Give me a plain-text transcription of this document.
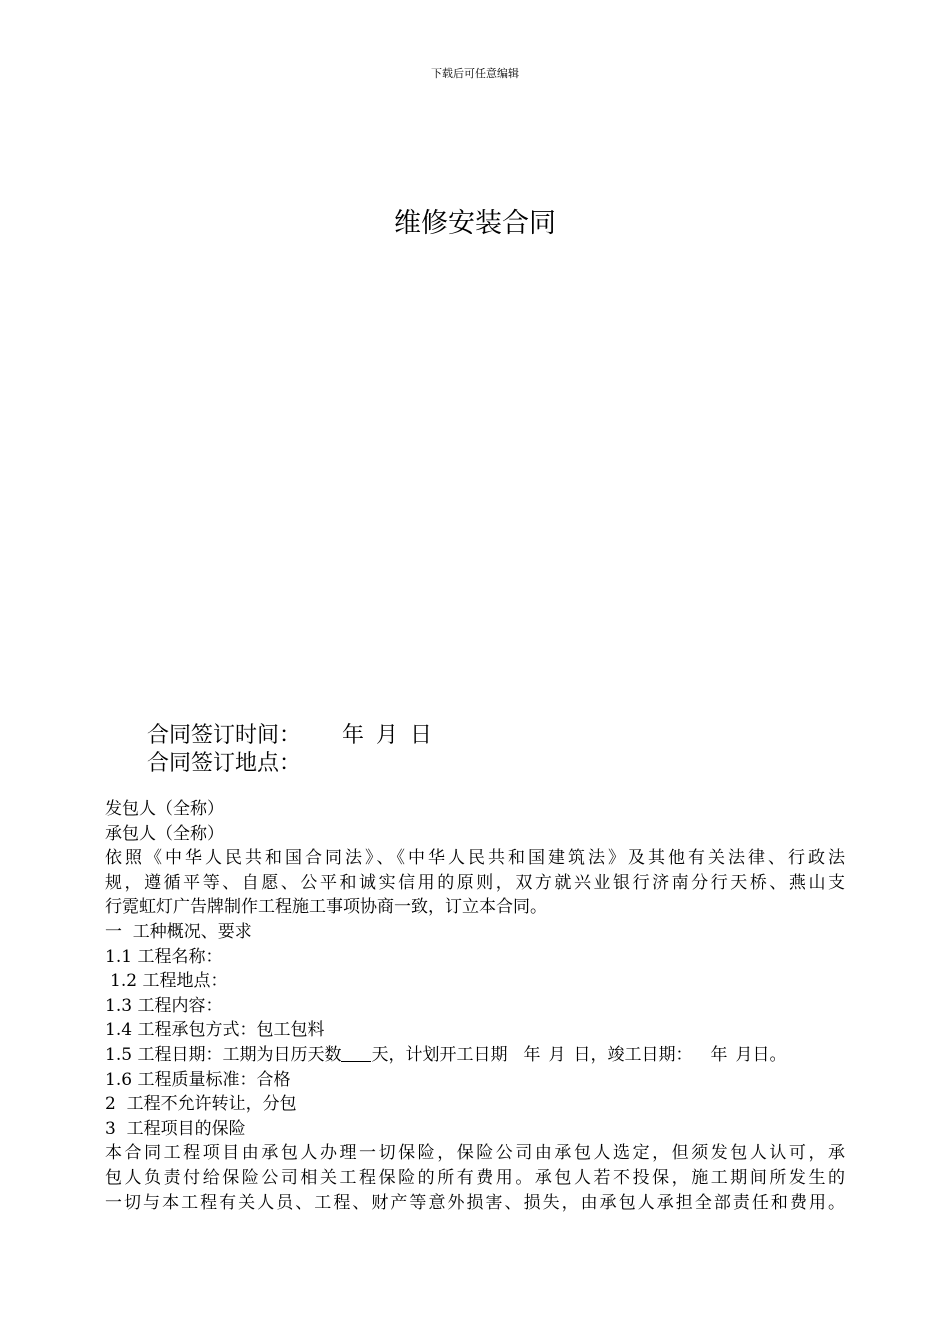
下载后可任意编辑
维修安装合同

合同签订时间： 年 月 日

合同签订地点：

发包人（全称）
承包人（全称）
依照《中华人民共和国合同法》、《中华人民共和国建筑法》及其他有关法律、行政法
规，遵循平等、自愿、公平和诚实信用的原则，双方就兴业银行济南分行天桥、燕山支
行霓虹灯广告牌制作工程施工事项协商一致，订立本合同。
一  工种概况、要求
1.1 工程名称：
1.2 工程地点：
1.3 工程内容：
1.4 工程承包方式：包工包料
1.5 工程日期：工期为日历天数 天，计划开工日期 年 月 日，竣工日期： 年 月日。
1.6 工程质量标准：合格
2  工程不允许转让，分包
3  工程项目的保险
本合同工程项目由承包人办理一切保险，保险公司由承包人选定，但须发包人认可，承
包人负责付给保险公司相关工程保险的所有费用。承包人若不投保，施工期间所发生的
一切与本工程有关人员、工程、财产等意外损害、损失，由承包人承担全部责任和费用。
